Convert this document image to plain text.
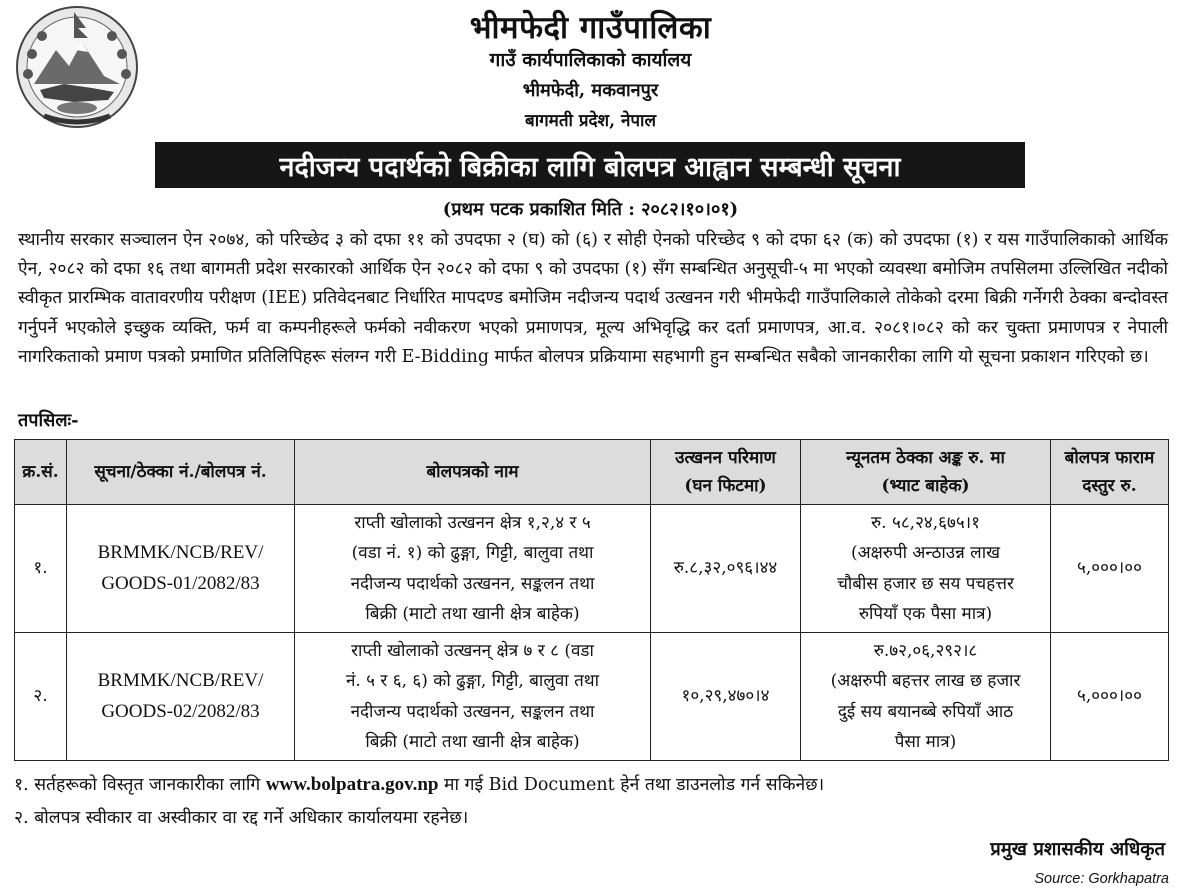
भीमफेदी गाउँपालिका
गाउँ कार्यपालिकाको कार्यालय
भीमफेदी, मकवानपुर
बागमती प्रदेश, नेपाल
नदीजन्य पदार्थको बिक्रीका लागि बोलपत्र आह्वान सम्बन्धी सूचना
(प्रथम पटक प्रकाशित मिति : २०८२।१०।०१)
स्थानीय सरकार सञ्चालन ऐन २०७४, को परिच्छेद ३ को दफा ११ को उपदफा २ (घ) को (६) र सोही ऐनको परिच्छेद ९ को दफा ६२ (क) को उपदफा (१) र यस गाउँपालिकाको आर्थिक ऐन, २०८२ को दफा १६ तथा बागमती प्रदेश सरकारको आर्थिक ऐन २०८२ को दफा ९ को उपदफा (१) सँग सम्बन्धित अनुसूची-५ मा भएको व्यवस्था बमोजिम तपसिलमा उल्लिखित नदीको स्वीकृत प्रारम्भिक वातावरणीय परीक्षण (IEE) प्रतिवेदनबाट निर्धारित मापदण्ड बमोजिम नदीजन्य पदार्थ उत्खनन गरी भीमफेदी गाउँपालिकाले तोकेको दरमा बिक्री गर्नेगरी ठेक्का बन्दोवस्त गर्नुपर्ने भएकोले इच्छुक व्यक्ति, फर्म वा कम्पनीहरूले फर्मको नवीकरण भएको प्रमाणपत्र, मूल्य अभिवृद्धि कर दर्ता प्रमाणपत्र, आ.व. २०८१।०८२ को कर चुक्ता प्रमाणपत्र र नेपाली नागरिकताको प्रमाण पत्रको प्रमाणित प्रतिलिपिहरू संलग्न गरी E-Bidding मार्फत बोलपत्र प्रक्रियामा सहभागी हुन सम्बन्धित सबैको जानकारीका लागि यो सूचना प्रकाशन गरिएको छ।
तपसिलः-
क्र.सं.	सूचना/ठेक्का नं./बोलपत्र नं.	बोलपत्रको नाम	उत्खनन परिमाण
(घन फिटमा)	न्यूनतम ठेक्का अङ्क रु. मा
(भ्याट बाहेक)	बोलपत्र फाराम
दस्तुर रु.
१.	BRMMK/NCB/REV/
GOODS-01/2082/83	राप्ती खोलाको उत्खनन क्षेत्र १,२,४ र ५
(वडा नं. १) को ढुङ्गा, गिट्टी, बालुवा तथा
नदीजन्य पदार्थको उत्खनन, सङ्कलन तथा
बिक्री (माटो तथा खानी क्षेत्र बाहेक)	रु.८,३२,०९६।४४	रु. ५८,२४,६७५।१
(अक्षरुपी अन्ठाउन्न लाख
चौबीस हजार छ सय पचहत्तर
रुपियाँ एक पैसा मात्र)	५,०००।००
२.	BRMMK/NCB/REV/
GOODS-02/2082/83	राप्ती खोलाको उत्खनन् क्षेत्र ७ र ८ (वडा
नं. ५ र ६, ६) को ढुङ्गा, गिट्टी, बालुवा तथा
नदीजन्य पदार्थको उत्खनन, सङ्कलन तथा
बिक्री (माटो तथा खानी क्षेत्र बाहेक)	१०,२९,४७०।४	रु.७२,०६,२९२।८
(अक्षरुपी बहत्तर लाख छ हजार
दुई सय बयानब्बे रुपियाँ आठ
पैसा मात्र)	५,०००।००
१. सर्तहरूको विस्तृत जानकारीका लागि www.bolpatra.gov.np मा गई Bid Document हेर्न तथा डाउनलोड गर्न सकिनेछ।
२. बोलपत्र स्वीकार वा अस्वीकार वा रद्द गर्ने अधिकार कार्यालयमा रहनेछ।
प्रमुख प्रशासकीय अधिकृत
Source: Gorkhapatra
